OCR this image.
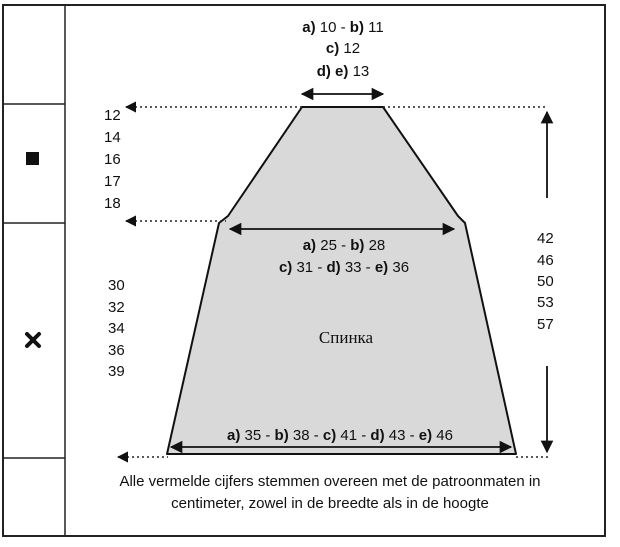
a) 10 - b) 11
c) 12
d) e) 13
12
14
16
17
18
30
32
34
36
39
42
46
50
53
57
a) 25 - b) 28
c) 31 - d) 33 - e) 36
Спинка
a) 35 - b) 38 - c) 41 - d) 43 - e) 46
Alle vermelde cijfers stemmen overeen met de patroonmaten in
centimeter, zowel in de breedte als in de hoogte
